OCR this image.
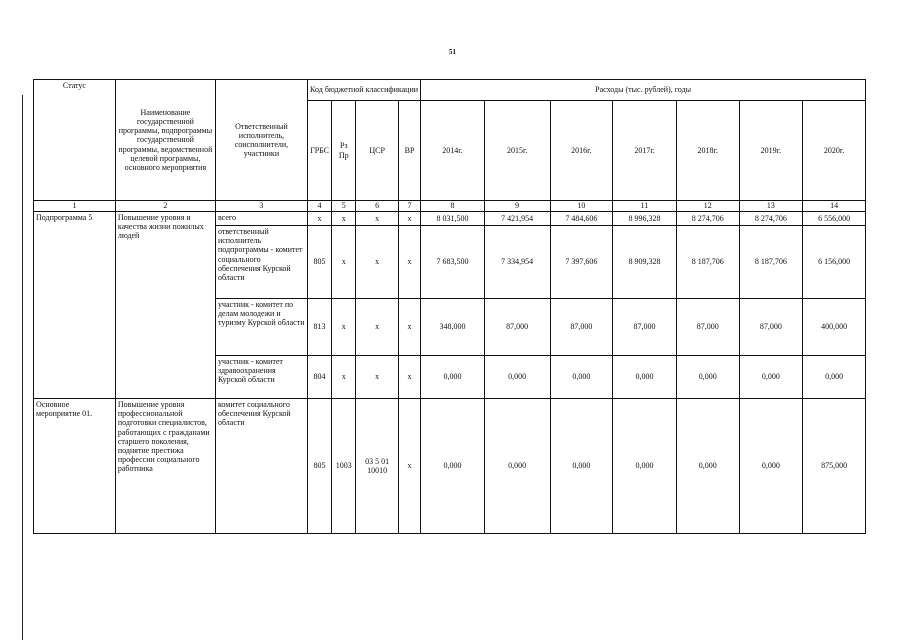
51
Статус	Наименование государственной программы, подпрограммы государственной программы, ведомственной целевой программы, основного мероприятия	Ответственный исполнитель, соисполнители, участники	Код бюджетной классификации				Расходы (тыс. рублей), годы						
			ГРБС	Рз Пр	ЦСР	ВР	2014г.	2015г.	2016г.	2017г.	2018г.	2019г.	2020г.
1	2	3	4	5	6	7	8	9	10	11	12	13	14
Подпрограмма 5	Повышение уровня и качества жизни пожилых людей	всего	х	х	х	х	8 031,500	7 421,954	7 484,606	8 996,328	8 274,706	8 274,706	6 556,000
		ответственный исполнитель подпрограммы - комитет социального обеспечения Курской области	805	х	х	х	7 683,500	7 334,954	7 397,606	8 909,328	8 187,706	8 187,706	6 156,000
		участник - комитет по делам молодежи и туризму Курской области	813	х	х	х	348,000	87,000	87,000	87,000	87,000	87,000	400,000
		участник - комитет здравоохранения Курской области	804	х	х	х	0,000	0,000	0,000	0,000	0,000	0,000	0,000
Основное мероприятие 01.	Повышение уровня профессиональной подготовки специалистов, работающих с гражданами старшего поколения, поднятие престижа профессии социального работника	комитет социального обеспечения Курской области	805	1003	03 5 01 10010	х	0,000	0,000	0,000	0,000	0,000	0,000	875,000
